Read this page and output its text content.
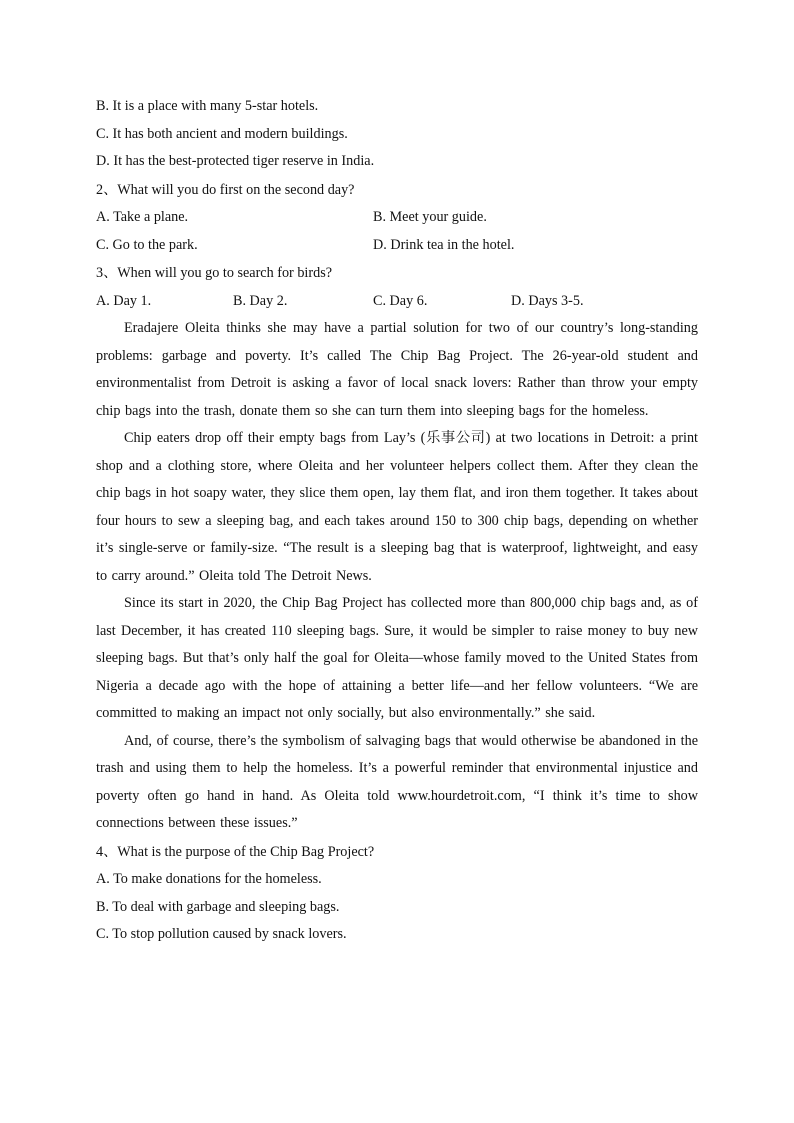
B. It is a place with many 5-star hotels.
C. It has both ancient and modern buildings.
D. It has the best-protected tiger reserve in India.
2、What will you do first on the second day?
A. Take a plane.	B. Meet your guide.
C. Go to the park.	D. Drink tea in the hotel.
3、When will you go to search for birds?
A. Day 1.	B. Day 2.	C. Day 6.	D. Days 3-5.

Eradajere Oleita thinks she may have a partial solution for two of our country’s long-standing problems: garbage and poverty. It’s called The Chip Bag Project. The 26-year-old student and environmentalist from Detroit is asking a favor of local snack lovers: Rather than throw your empty chip bags into the trash, donate them so she can turn them into sleeping bags for the homeless.

Chip eaters drop off their empty bags from Lay’s (乐事公司) at two locations in Detroit: a print shop and a clothing store, where Oleita and her volunteer helpers collect them. After they clean the chip bags in hot soapy water, they slice them open, lay them flat, and iron them together. It takes about four hours to sew a sleeping bag, and each takes around 150 to 300 chip bags, depending on whether it’s single-serve or family-size. “The result is a sleeping bag that is waterproof, lightweight, and easy to carry around.” Oleita told The Detroit News.

Since its start in 2020, the Chip Bag Project has collected more than 800,000 chip bags and, as of last December, it has created 110 sleeping bags. Sure, it would be simpler to raise money to buy new sleeping bags. But that’s only half the goal for Oleita—whose family moved to the United States from Nigeria a decade ago with the hope of attaining a better life—and her fellow volunteers. “We are committed to making an impact not only socially, but also environmentally.” she said.

And, of course, there’s the symbolism of salvaging bags that would otherwise be abandoned in the trash and using them to help the homeless. It’s a powerful reminder that environmental injustice and poverty often go hand in hand. As Oleita told www.hourdetroit.com, “I think it’s time to show connections between these issues.”

4、What is the purpose of the Chip Bag Project?
A. To make donations for the homeless.
B. To deal with garbage and sleeping bags.
C. To stop pollution caused by snack lovers.
